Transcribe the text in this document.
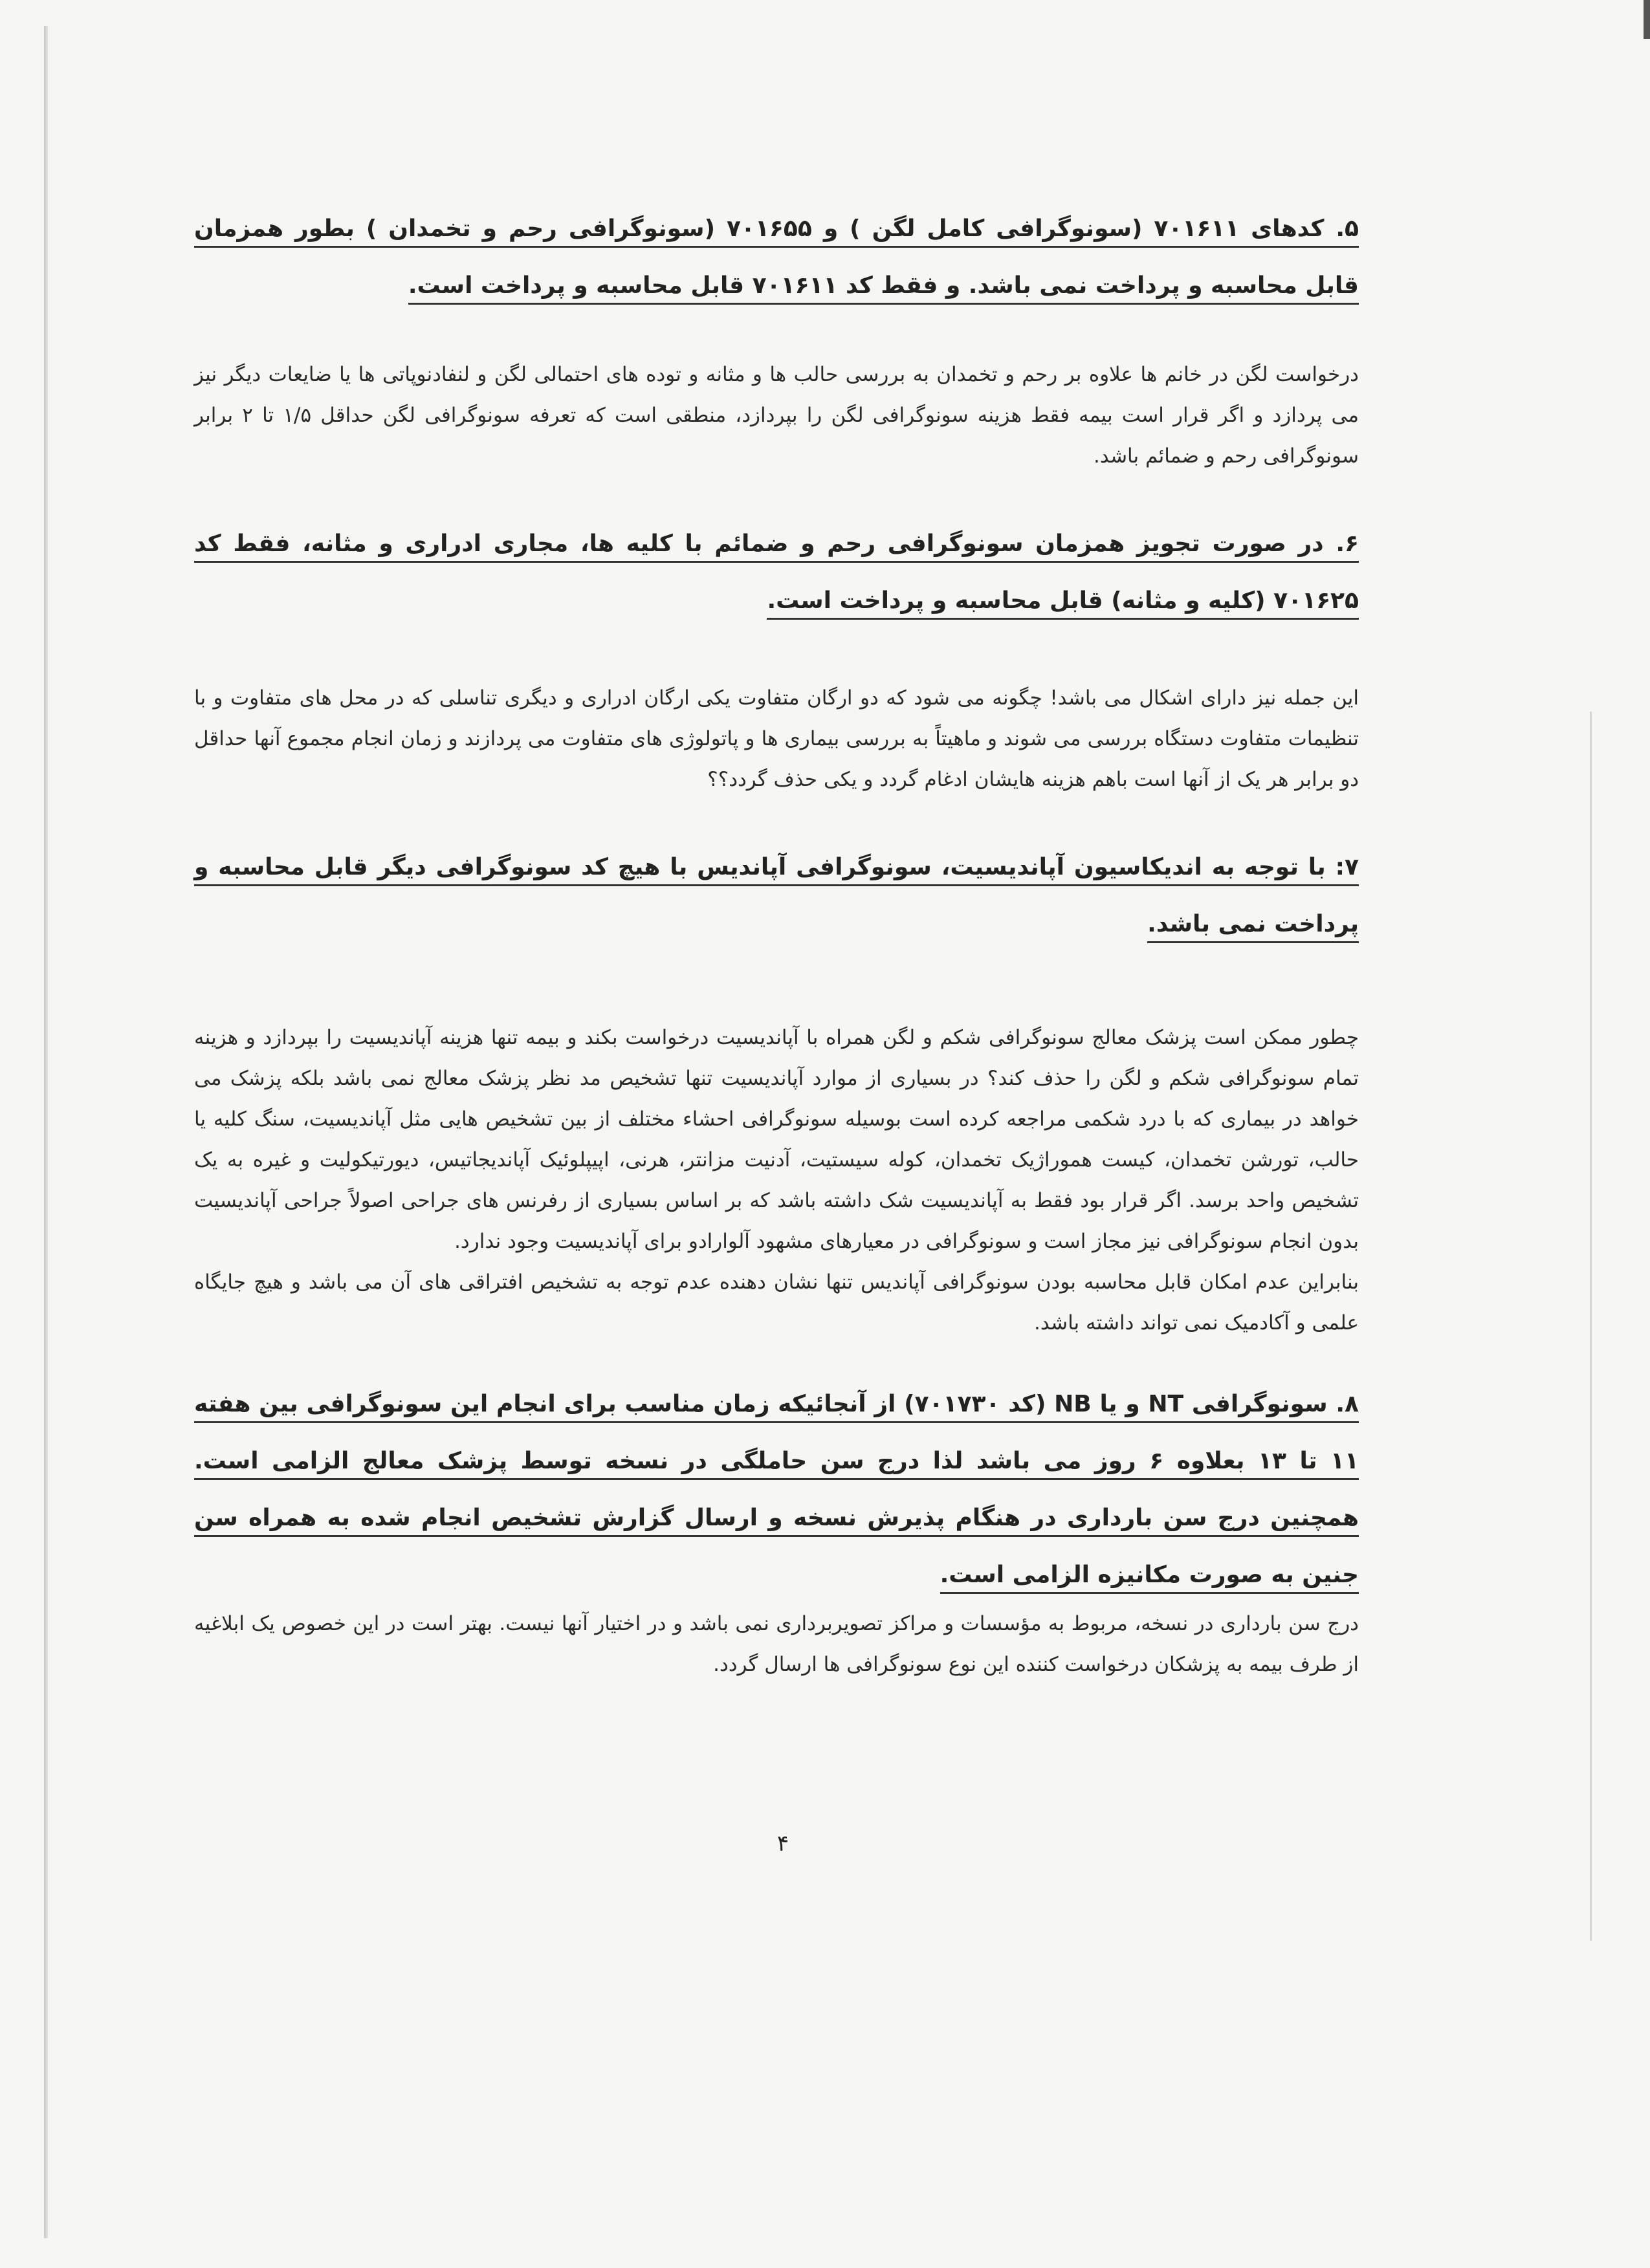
۵. کدهای ۷۰۱۶۱۱ (سونوگرافی کامل لگن ) و ۷۰۱۶۵۵ (سونوگرافی رحم و تخمدان ) بطور همزمان قابل محاسبه و پرداخت نمی باشد. و فقط کد ۷۰۱۶۱۱ قابل محاسبه و پرداخت است.

درخواست لگن در خانم ها علاوه بر رحم و تخمدان به بررسی حالب ها و مثانه و توده های احتمالی لگن و لنفادنوپاتی ها یا ضایعات دیگر نیز می پردازد و اگر قرار است بیمه فقط هزینه سونوگرافی لگن را بپردازد، منطقی است که تعرفه سونوگرافی لگن حداقل ۱/۵ تا ۲ برابر سونوگرافی رحم و ضمائم باشد.

۶. در صورت تجویز همزمان سونوگرافی رحم و ضمائم با کلیه ها، مجاری ادراری و مثانه، فقط کد ۷۰۱۶۲۵ (کلیه و مثانه) قابل محاسبه و پرداخت است.

این جمله نیز دارای اشکال می باشد! چگونه می شود که دو ارگان متفاوت یکی ارگان ادراری و دیگری تناسلی که در محل های متفاوت و با تنظیمات متفاوت دستگاه بررسی می شوند و ماهیتاً به بررسی بیماری ها و پاتولوژی های متفاوت می پردازند و زمان انجام مجموع آنها حداقل دو برابر هر یک از آنها است باهم هزینه هایشان ادغام گردد و یکی حذف گردد؟؟

۷: با توجه به اندیکاسیون آپاندیسیت، سونوگرافی آپاندیس با هیچ کد سونوگرافی دیگر قابل محاسبه و پرداخت نمی باشد.

چطور ممکن است پزشک معالج سونوگرافی شکم و لگن همراه با آپاندیسیت درخواست بکند و بیمه تنها هزینه آپاندیسیت را بپردازد و هزینه تمام سونوگرافی شکم و لگن را حذف کند؟ در بسیاری از موارد آپاندیسیت تنها تشخیص مد نظر پزشک معالج نمی باشد بلکه پزشک می خواهد در بیماری که با درد شکمی مراجعه کرده است بوسیله سونوگرافی احشاء مختلف از بین تشخیص هایی مثل آپاندیسیت، سنگ کلیه یا حالب، تورشن تخمدان، کیست هموراژیک تخمدان، کوله سیستیت، آدنیت مزانتر، هرنی، اپیپلوئیک آپاندیجاتیس، دیورتیکولیت و غیره به یک تشخیص واحد برسد. اگر قرار بود فقط به آپاندیسیت شک داشته باشد که بر اساس بسیاری از رفرنس های جراحی اصولاً جراحی آپاندیسیت بدون انجام سونوگرافی نیز مجاز است و سونوگرافی در معیارهای مشهود آلوارادو برای آپاندیسیت وجود ندارد.

بنابراین عدم امکان قابل محاسبه بودن سونوگرافی آپاندیس تنها نشان دهنده عدم توجه به تشخیص افتراقی های آن می باشد و هیچ جایگاه علمی و آکادمیک نمی تواند داشته باشد.

۸. سونوگرافی NT و یا NB (کد ۷۰۱۷۳۰) از آنجائیکه زمان مناسب برای انجام این سونوگرافی بین هفته ۱۱ تا ۱۳ بعلاوه ۶ روز می باشد لذا درج سن حاملگی در نسخه توسط پزشک معالج الزامی است. همچنین درج سن بارداری در هنگام پذیرش نسخه و ارسال گزارش تشخیص انجام شده به همراه سن جنین به صورت مکانیزه الزامی است.

درج سن بارداری در نسخه، مربوط به مؤسسات و مراکز تصویربرداری نمی باشد و در اختیار آنها نیست. بهتر است در این خصوص یک ابلاغیه از طرف بیمه به پزشکان درخواست کننده این نوع سونوگرافی ها ارسال گردد.

۴
